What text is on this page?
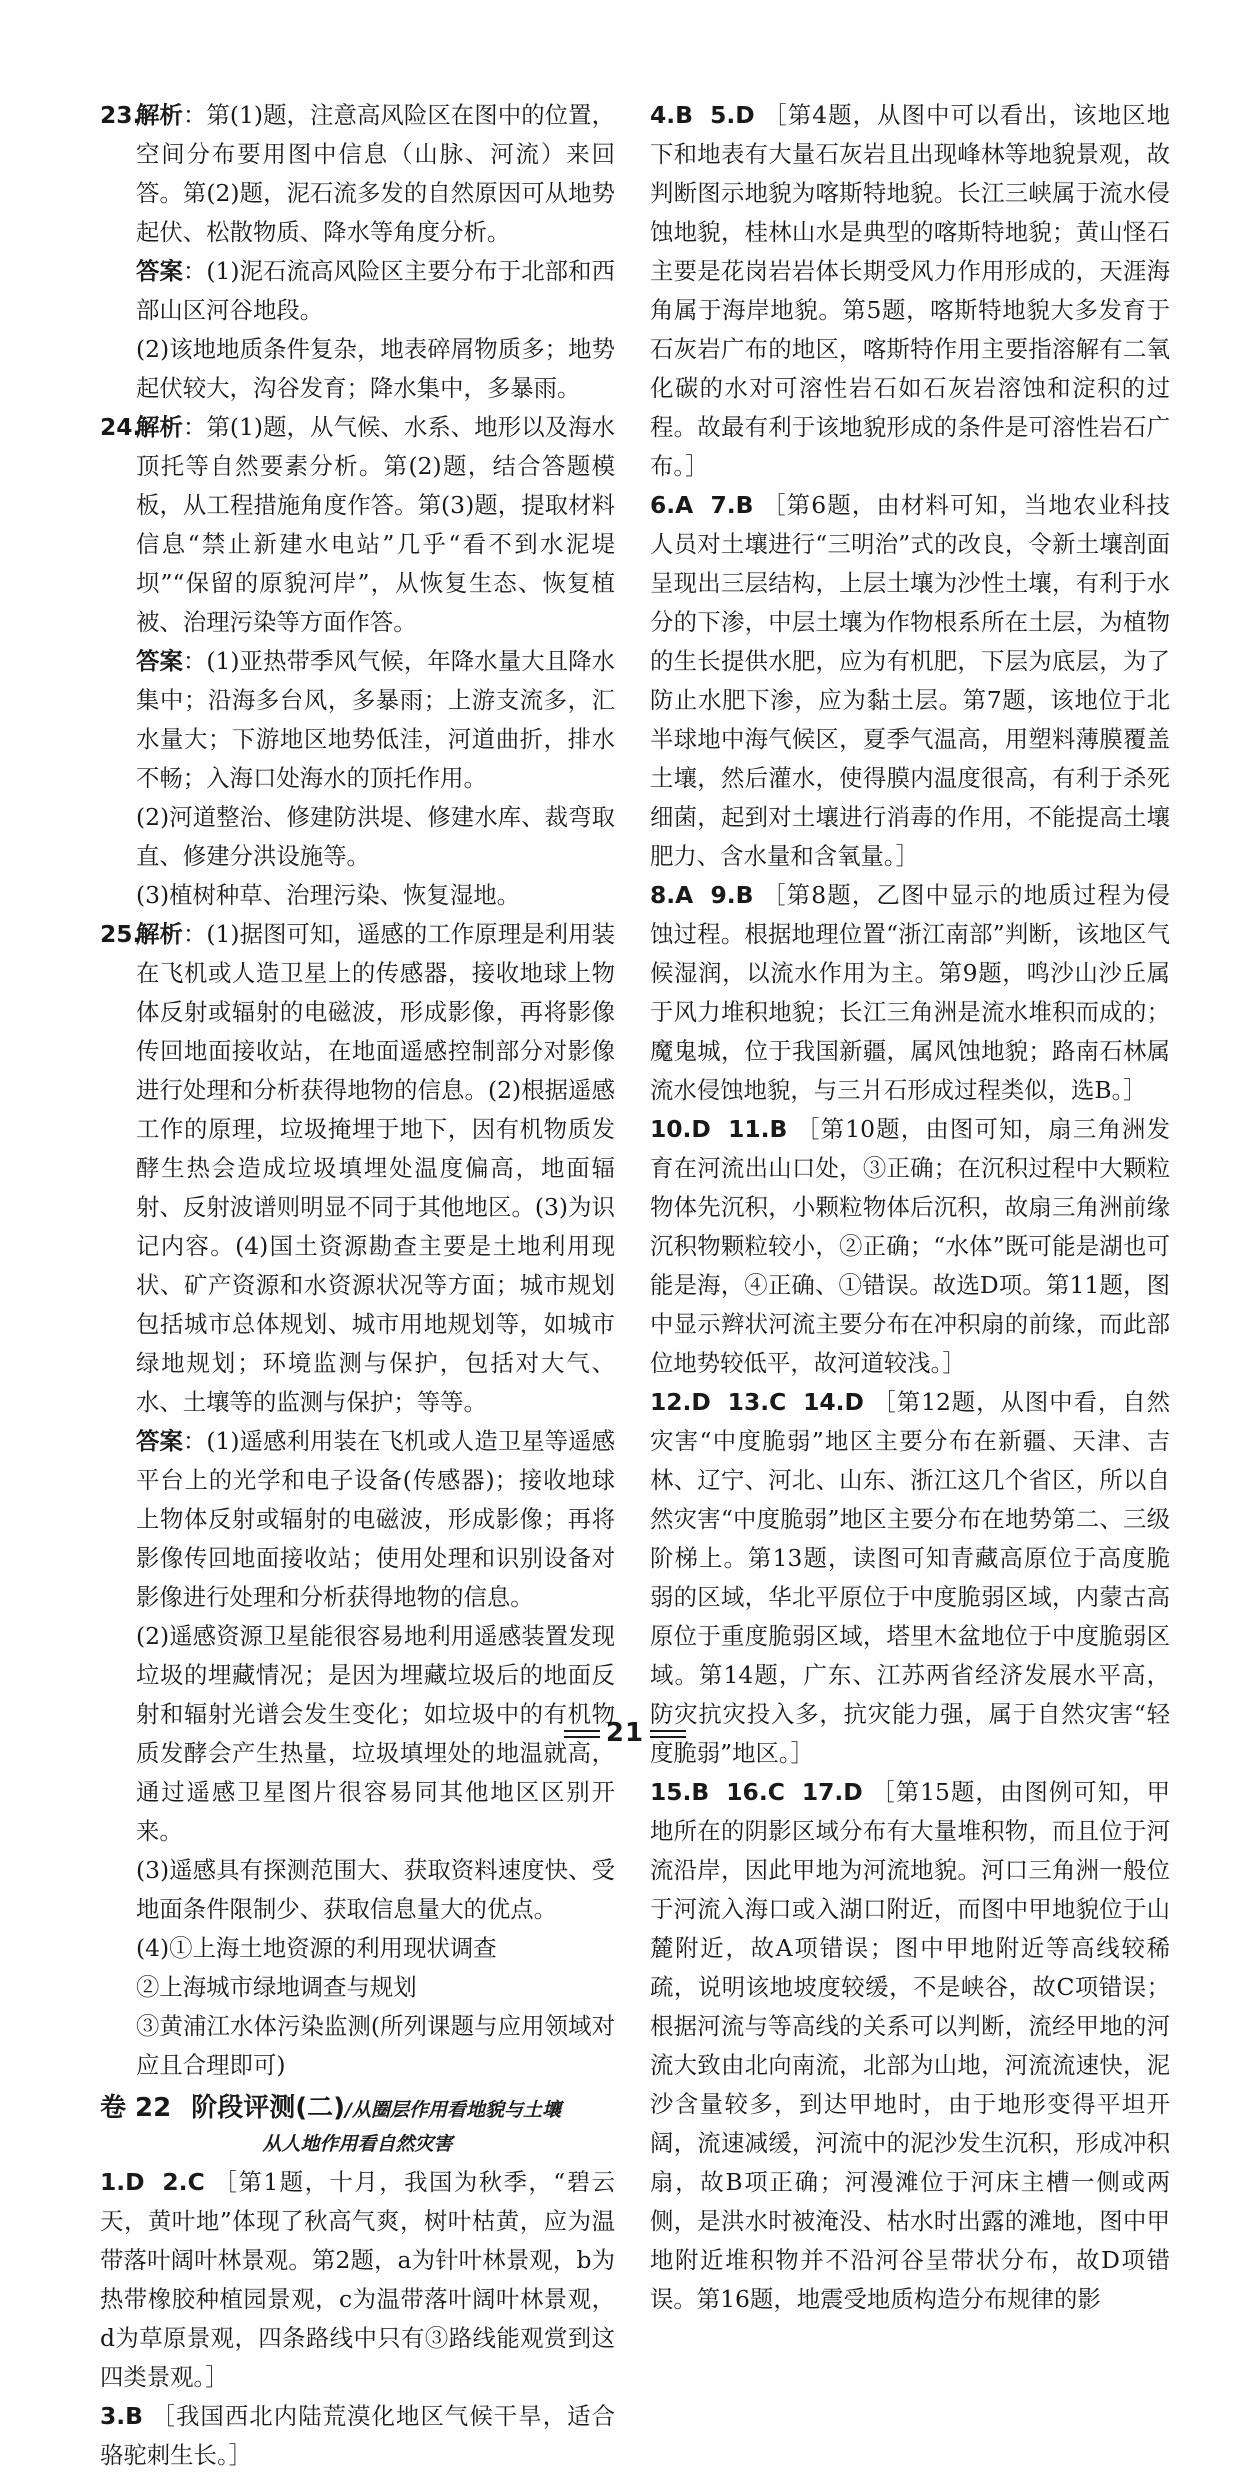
23.
解析：第(1)题，注意高风险区在图中的位置，空间分布要用图中信息（山脉、河流）来回答。第(2)题，泥石流多发的自然原因可从地势起伏、松散物质、降水等角度分析。
答案：(1)泥石流高风险区主要分布于北部和西部山区河谷地段。
(2)该地地质条件复杂，地表碎屑物质多；地势起伏较大，沟谷发育；降水集中，多暴雨。
24.
解析：第(1)题，从气候、水系、地形以及海水顶托等自然要素分析。第(2)题，结合答题模板，从工程措施角度作答。第(3)题，提取材料信息“禁止新建水电站”几乎“看不到水泥堤坝”“保留的原貌河岸”，从恢复生态、恢复植被、治理污染等方面作答。
答案：(1)亚热带季风气候，年降水量大且降水集中；沿海多台风，多暴雨；上游支流多，汇水量大；下游地区地势低洼，河道曲折，排水不畅；入海口处海水的顶托作用。
(2)河道整治、修建防洪堤、修建水库、裁弯取直、修建分洪设施等。
(3)植树种草、治理污染、恢复湿地。
25.
解析：(1)据图可知，遥感的工作原理是利用装在飞机或人造卫星上的传感器，接收地球上物体反射或辐射的电磁波，形成影像，再将影像传回地面接收站，在地面遥感控制部分对影像进行处理和分析获得地物的信息。(2)根据遥感工作的原理，垃圾掩埋于地下，因有机物质发酵生热会造成垃圾填埋处温度偏高，地面辐射、反射波谱则明显不同于其他地区。(3)为识记内容。(4)国土资源勘查主要是土地利用现状、矿产资源和水资源状况等方面；城市规划包括城市总体规划、城市用地规划等，如城市绿地规划；环境监测与保护，包括对大气、水、土壤等的监测与保护；等等。
答案：(1)遥感利用装在飞机或人造卫星等遥感平台上的光学和电子设备(传感器)；接收地球上物体反射或辐射的电磁波，形成影像；再将影像传回地面接收站；使用处理和识别设备对影像进行处理和分析获得地物的信息。
(2)遥感资源卫星能很容易地利用遥感装置发现垃圾的埋藏情况；是因为埋藏垃圾后的地面反射和辐射光谱会发生变化；如垃圾中的有机物质发酵会产生热量，垃圾填埋处的地温就高，通过遥感卫星图片很容易同其他地区区别开来。
(3)遥感具有探测范围大、获取资料速度快、受地面条件限制少、获取信息量大的优点。
(4)①上海土地资源的利用现状调查
②上海城市绿地调查与规划
③黄浦江水体污染监测(所列课题与应用领域对应且合理即可)
卷 22 阶段评测(二)/从圈层作用看地貌与土壤
从人地作用看自然灾害
1.D 2.C ［第1题，十月，我国为秋季，“碧云天，黄叶地”体现了秋高气爽，树叶枯黄，应为温带落叶阔叶林景观。第2题，a为针叶林景观，b为热带橡胶种植园景观，c为温带落叶阔叶林景观，d为草原景观，四条路线中只有③路线能观赏到这四类景观。］
3.B ［我国西北内陆荒漠化地区气候干旱，适合骆驼刺生长。］
4.B 5.D ［第4题，从图中可以看出，该地区地下和地表有大量石灰岩且出现峰林等地貌景观，故判断图示地貌为喀斯特地貌。长江三峡属于流水侵蚀地貌，桂林山水是典型的喀斯特地貌；黄山怪石主要是花岗岩岩体长期受风力作用形成的，天涯海角属于海岸地貌。第5题，喀斯特地貌大多发育于石灰岩广布的地区，喀斯特作用主要指溶解有二氧化碳的水对可溶性岩石如石灰岩溶蚀和淀积的过程。故最有利于该地貌形成的条件是可溶性岩石广布。］
6.A 7.B ［第6题，由材料可知，当地农业科技人员对土壤进行“三明治”式的改良，令新土壤剖面呈现出三层结构，上层土壤为沙性土壤，有利于水分的下渗，中层土壤为作物根系所在土层，为植物的生长提供水肥，应为有机肥，下层为底层，为了防止水肥下渗，应为黏土层。第7题，该地位于北半球地中海气候区，夏季气温高，用塑料薄膜覆盖土壤，然后灌水，使得膜内温度很高，有利于杀死细菌，起到对土壤进行消毒的作用，不能提高土壤肥力、含水量和含氧量。］
8.A 9.B ［第8题，乙图中显示的地质过程为侵蚀过程。根据地理位置“浙江南部”判断，该地区气候湿润，以流水作用为主。第9题，鸣沙山沙丘属于风力堆积地貌；长江三角洲是流水堆积而成的；魔鬼城，位于我国新疆，属风蚀地貌；路南石林属流水侵蚀地貌，与三爿石形成过程类似，选B。］
10.D 11.B ［第10题，由图可知，扇三角洲发育在河流出山口处，③正确；在沉积过程中大颗粒物体先沉积，小颗粒物体后沉积，故扇三角洲前缘沉积物颗粒较小，②正确；“水体”既可能是湖也可能是海，④正确、①错误。故选D项。第11题，图中显示辫状河流主要分布在冲积扇的前缘，而此部位地势较低平，故河道较浅。］
12.D 13.C 14.D ［第12题，从图中看，自然灾害“中度脆弱”地区主要分布在新疆、天津、吉林、辽宁、河北、山东、浙江这几个省区，所以自然灾害“中度脆弱”地区主要分布在地势第二、三级阶梯上。第13题，读图可知青藏高原位于高度脆弱的区域，华北平原位于中度脆弱区域，内蒙古高原位于重度脆弱区域，塔里木盆地位于中度脆弱区域。第14题，广东、江苏两省经济发展水平高，防灾抗灾投入多，抗灾能力强，属于自然灾害“轻度脆弱”地区。］
15.B 16.C 17.D ［第15题，由图例可知，甲地所在的阴影区域分布有大量堆积物，而且位于河流沿岸，因此甲地为河流地貌。河口三角洲一般位于河流入海口或入湖口附近，而图中甲地貌位于山麓附近，故A项错误；图中甲地附近等高线较稀疏，说明该地坡度较缓，不是峡谷，故C项错误；根据河流与等高线的关系可以判断，流经甲地的河流大致由北向南流，北部为山地，河流流速快，泥沙含量较多，到达甲地时，由于地形变得平坦开阔，流速减缓，河流中的泥沙发生沉积，形成冲积扇，故B项正确；河漫滩位于河床主槽一侧或两侧，是洪水时被淹没、枯水时出露的滩地，图中甲地附近堆积物并不沿河谷呈带状分布，故D项错误。第16题，地震受地质构造分布规律的影
21
